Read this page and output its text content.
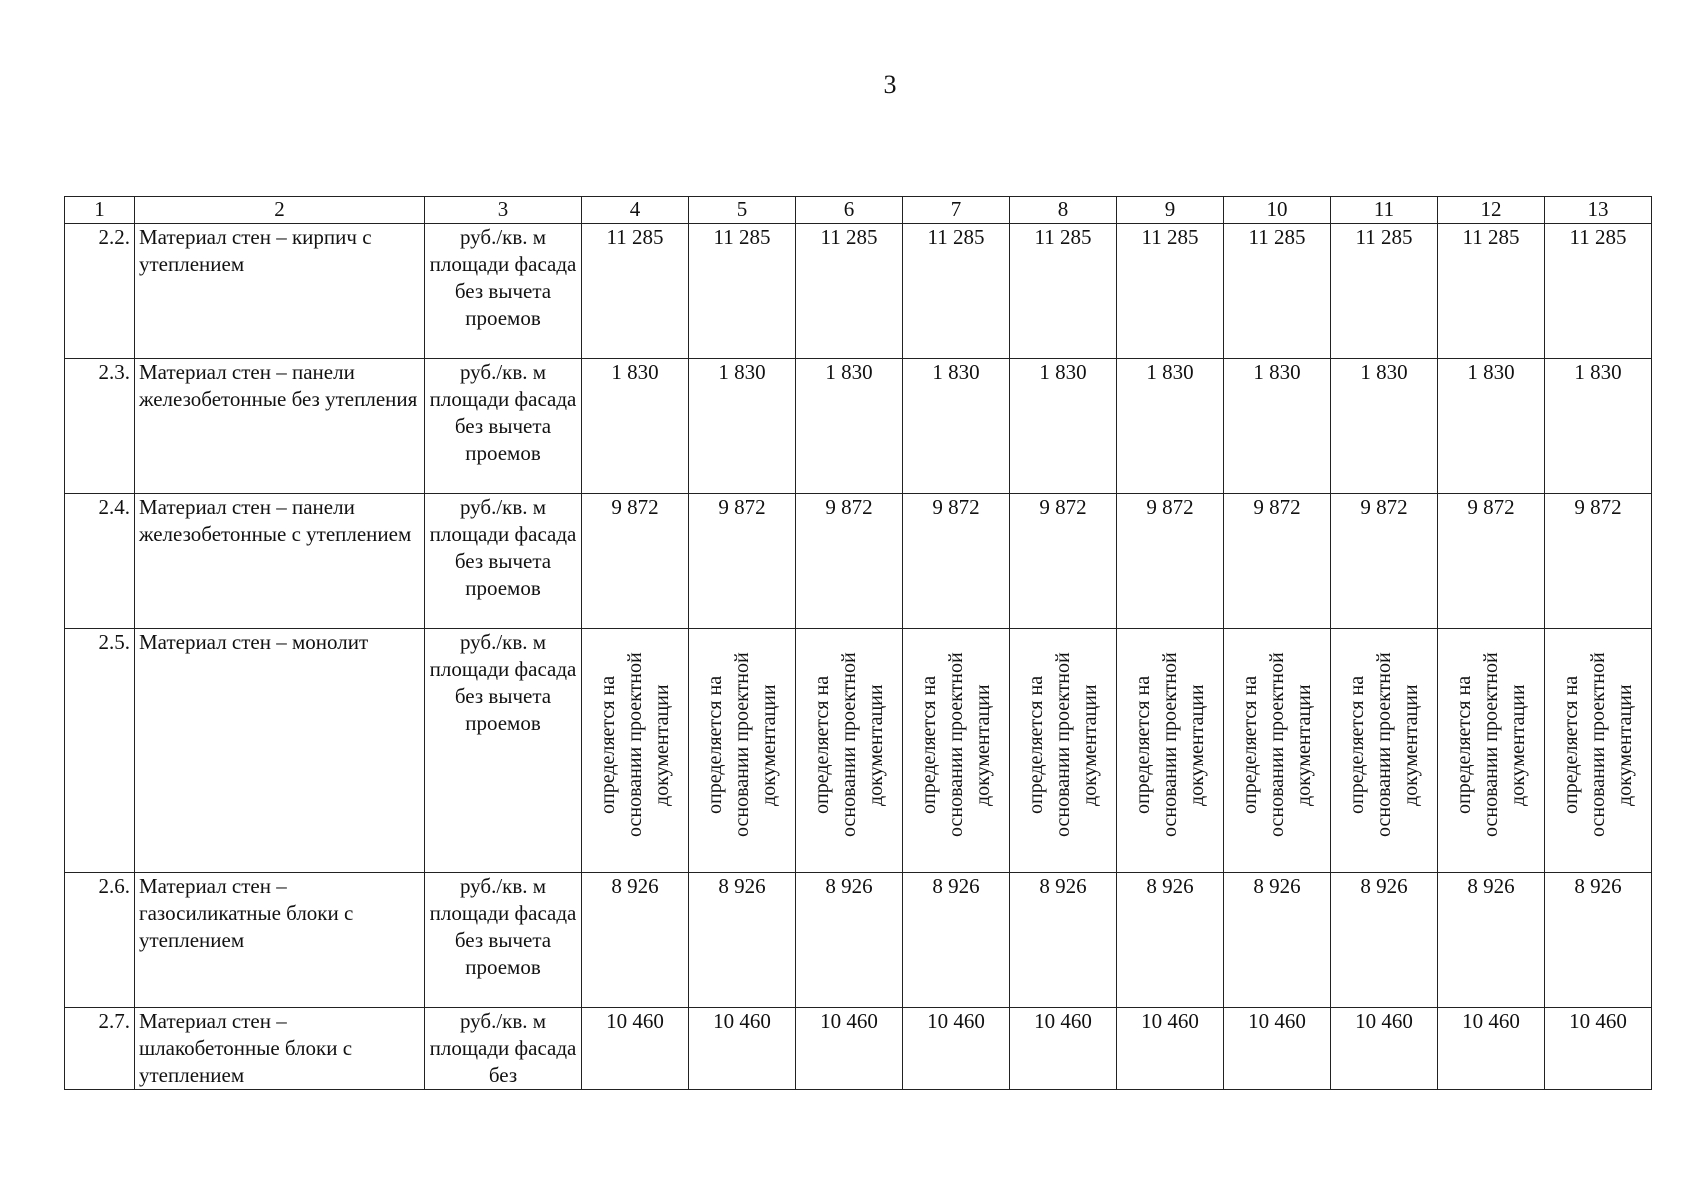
3
1	2	3	4	5	6	7	8	9	10	11	12	13
2.2.	Материал стен – кирпич с утеплением	руб./кв. м площади фасада без вычета проемов	11 285	11 285	11 285	11 285	11 285	11 285	11 285	11 285	11 285	11 285
2.3.	Материал стен – панели железобетонные без утепления	руб./кв. м площади фасада без вычета проемов	1 830	1 830	1 830	1 830	1 830	1 830	1 830	1 830	1 830	1 830
2.4.	Материал стен – панели железобетонные с утеплением	руб./кв. м площади фасада без вычета проемов	9 872	9 872	9 872	9 872	9 872	9 872	9 872	9 872	9 872	9 872
2.5.	Материал стен – монолит	руб./кв. м площади фасада без вычета проемов	определяется на основании проектной документации	определяется на основании проектной документации	определяется на основании проектной документации	определяется на основании проектной документации	определяется на основании проектной документации	определяется на основании проектной документации	определяется на основании проектной документации	определяется на основании проектной документации	определяется на основании проектной документации	определяется на основании проектной документации
2.6.	Материал стен – газосиликатные блоки с утеплением	руб./кв. м площади фасада без вычета проемов	8 926	8 926	8 926	8 926	8 926	8 926	8 926	8 926	8 926	8 926
2.7.	Материал стен – шлакобетонные блоки с утеплением	руб./кв. м площади фасада без	10 460	10 460	10 460	10 460	10 460	10 460	10 460	10 460	10 460	10 460
